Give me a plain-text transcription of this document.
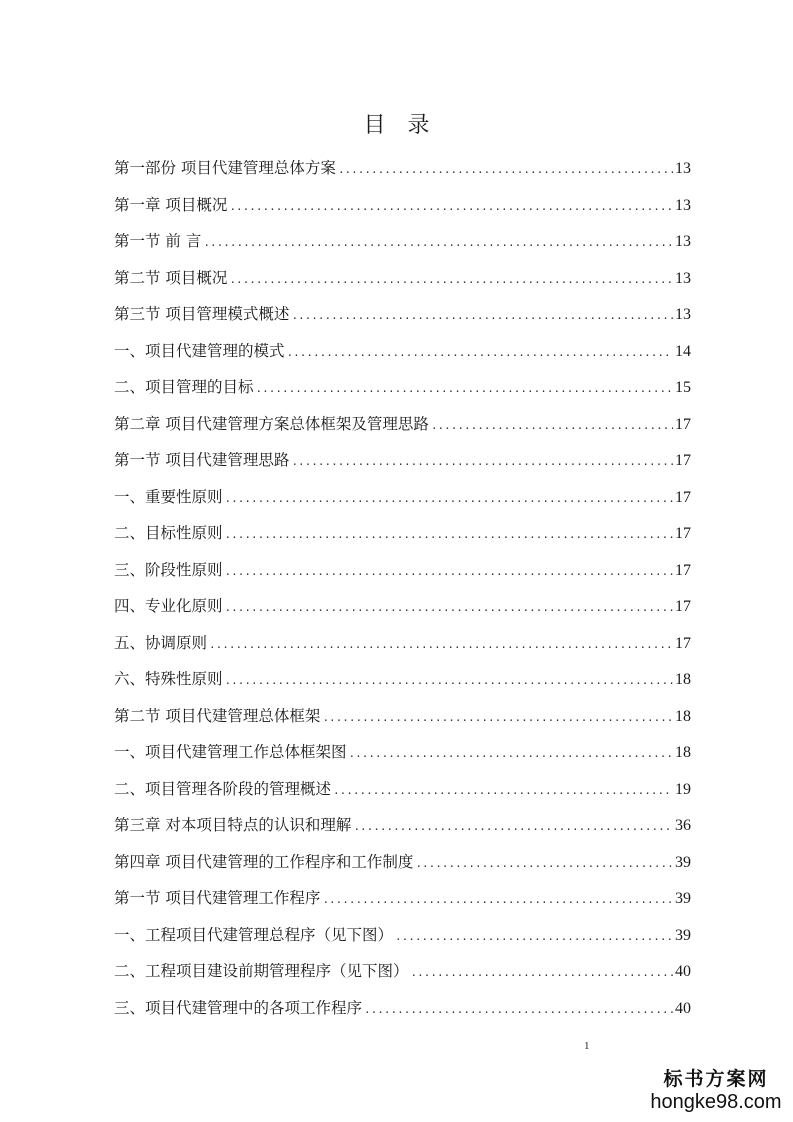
目 录
第一部份 项目代建管理总体方案 .....	13
第一章 项目概况 .....	13
第一节 前 言 .....	13
第二节 项目概况 .....	13
第三节 项目管理模式概述 .....	13
一、项目代建管理的模式 .....	14
二、项目管理的目标 .....	15
第二章 项目代建管理方案总体框架及管理思路 .....	17
第一节 项目代建管理思路 .....	17
一、重要性原则 .....	17
二、目标性原则 .....	17
三、阶段性原则 .....	17
四、专业化原则 .....	17
五、协调原则 .....	17
六、特殊性原则 .....	18
第二节 项目代建管理总体框架 .....	18
一、项目代建管理工作总体框架图 .....	18
二、项目管理各阶段的管理概述 .....	19
第三章 对本项目特点的认识和理解 .....	36
第四章 项目代建管理的工作程序和工作制度 .....	39
第一节 项目代建管理工作程序 .....	39
一、工程项目代建管理总程序（见下图） .....	39
二、工程项目建设前期管理程序（见下图） .....	40
三、项目代建管理中的各项工作程序 .....	40
1
标书方案网
hongke98.com
